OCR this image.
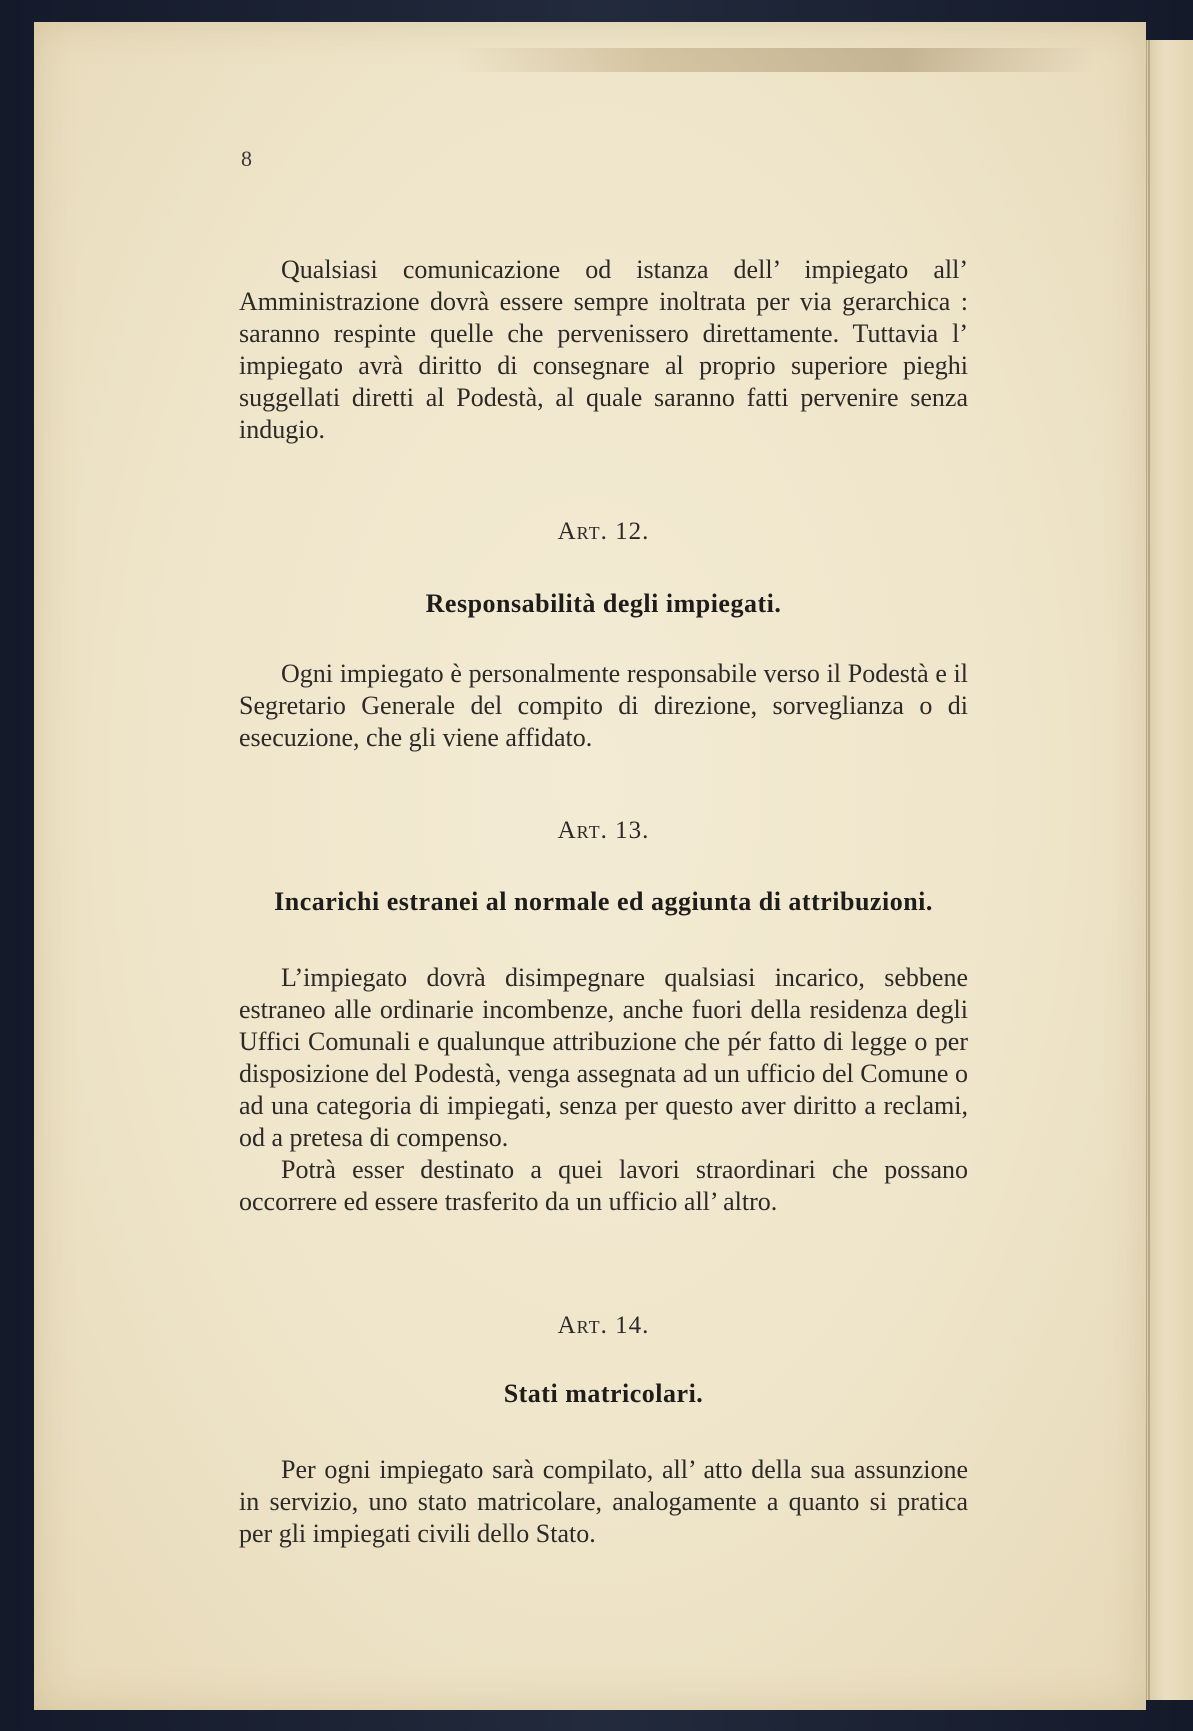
8

Qualsiasi comunicazione od istanza dell’ impiegato all’ Amministrazione dovrà essere sempre inoltrata per via gerarchica : saranno respinte quelle che pervenissero direttamente. Tuttavia l’ impiegato avrà diritto di consegnare al proprio superiore pieghi suggellati diretti al Podestà, al quale saranno fatti pervenire senza indugio.

Art. 12.
Responsabilità degli impiegati.

Ogni impiegato è personalmente responsabile verso il Podestà e il Segretario Generale del compito di direzione, sorveglianza o di esecuzione, che gli viene affidato.

Art. 13.
Incarichi estranei al normale ed aggiunta di attribuzioni.

L’impiegato dovrà disimpegnare qualsiasi incarico, sebbene estraneo alle ordinarie incombenze, anche fuori della residenza degli Uffici Comunali e qualunque attribuzione che pér fatto di legge o per disposizione del Podestà, venga assegnata ad un ufficio del Comune o ad una categoria di impiegati, senza per questo aver diritto a reclami, od a pretesa di compenso.

Potrà esser destinato a quei lavori straordinari che possano occorrere ed essere trasferito da un ufficio all’ altro.

Art. 14.
Stati matricolari.

Per ogni impiegato sarà compilato, all’ atto della sua assunzione in servizio, uno stato matricolare, analogamente a quanto si pratica per gli impiegati civili dello Stato.
